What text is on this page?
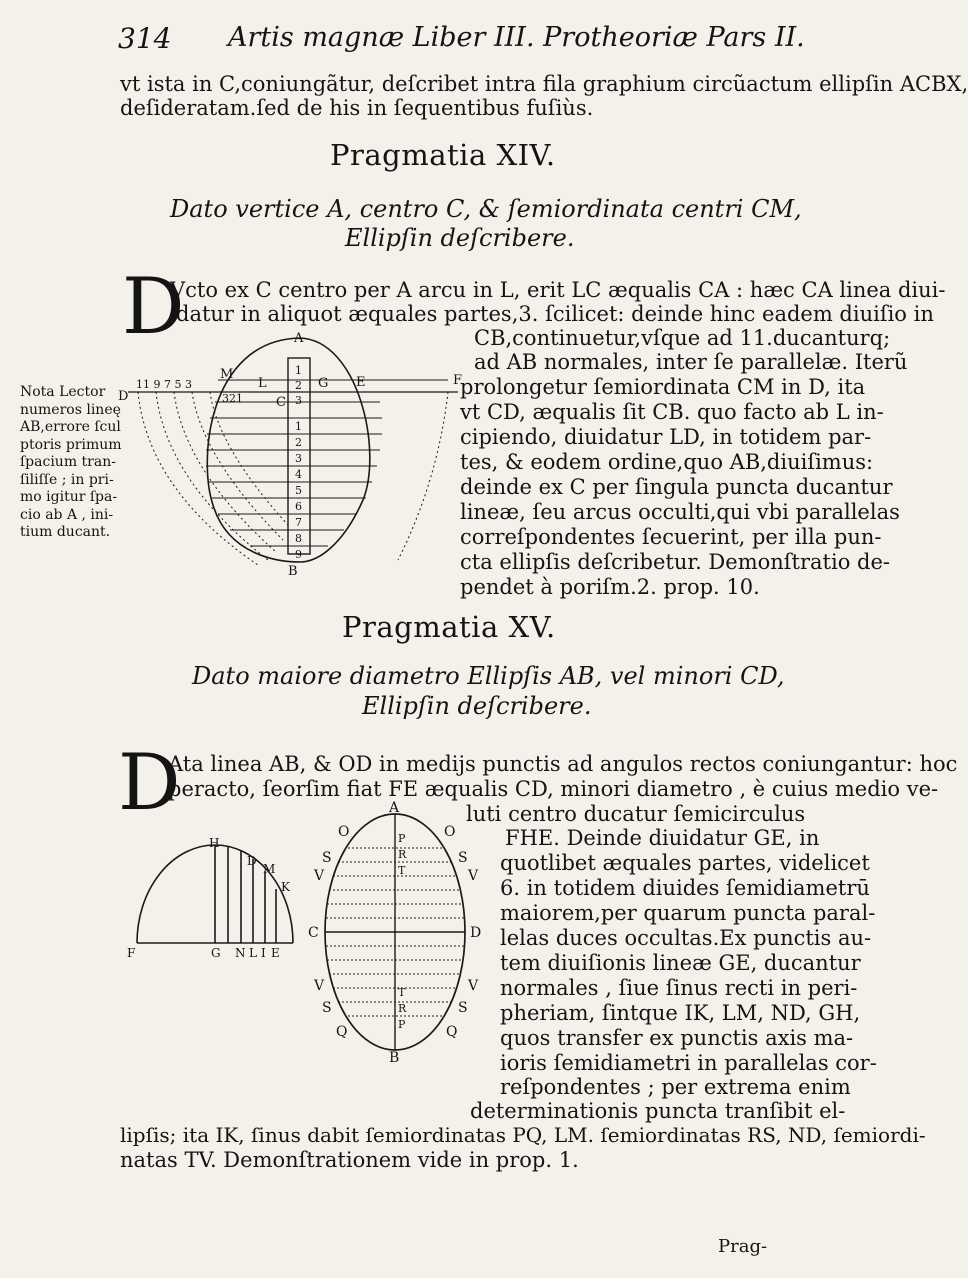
314 Artis magnæ Liber III. Protheoriæ Pars II.
vt ista in C,coniungãtur, deſcribet intra fila graphium circũactum ellipſin ACBX,
deſideratam.ſed de his in ſequentibus fuſiùs.
Pragmatia XIV.
Dato vertice A, centro C, & ſemiordinata centri CM,
Ellipſin deſcribere.
D
Vcto ex C centro per A arcu in L, erit LC æqualis CA : hæc CA linea diui-
datur in aliquot æquales partes,3. ſcilicet: deinde hinc eadem diuiſio in
CB,continuetur,vſque ad 11.ducanturq;
ad AB normales, inter ſe parallelæ. Iterũ
prolongetur ſemiordinata CM in D, ita
vt CD, æqualis ſit CB. quo facto ab L in-
cipiendo, diuidatur LD, in totidem par-
tes, & eodem ordine,quo AB,diuiſimus:
deinde ex C per ſingula puncta ducantur
lineæ, ſeu arcus occulti,qui vbi parallelas
correſpondentes ſecuerint, per illa pun-
cta ellipſis deſcribetur. Demonſtratio de-
pendet à poriſm.2. prop. 10.
Nota Lector
numeros lineę
AB,errore ſcul
ptoris primum
ſpacium tran-
ſiliſſe ; in pri-
mo igitur ſpa-
cio ab A , ini-
tium ducant.
A
D
F
E
G
L
M
C
B
11 9 7 5 3
321
1
2
3
1
2
3
4
5
6
7
8
9
Pragmatia XV.
Dato maiore diametro Ellipſis AB, vel minori CD,
Ellipſin deſcribere.
D
Ata linea AB, & OD in medijs punctis ad angulos rectos coniungantur: hoc
peracto, ſeorſim fiat FE æqualis CD, minori diametro , è cuius medio ve-
luti centro ducatur ſemicirculus
FHE. Deinde diuidatur GE, in
quotlibet æquales partes, videlicet
6. in totidem diuides ſemidiametrū
maiorem,per quarum puncta paral-
lelas duces occultas.Ex punctis au-
tem diuiſionis lineæ GE, ducantur
normales , ſiue ſinus recti in peri-
pheriam, ſintque IK, LM, ND, GH,
quos transfer ex punctis axis ma-
ioris ſemidiametri in parallelas cor-
reſpondentes ; per extrema enim
determinationis puncta tranſibit el-
lipſis; ita IK, ſinus dabit ſemiordinatas PQ, LM. ſemiordinatas RS, ND, ſemiordi-
natas TV. Demonſtrationem vide in prop. 1.
H
D
M
K
F	G N L I E
A
B
C	D
O	O
S	S
V	V
V	V
S	S
Q	Q
P
R
T
T
R
P
Prag-
